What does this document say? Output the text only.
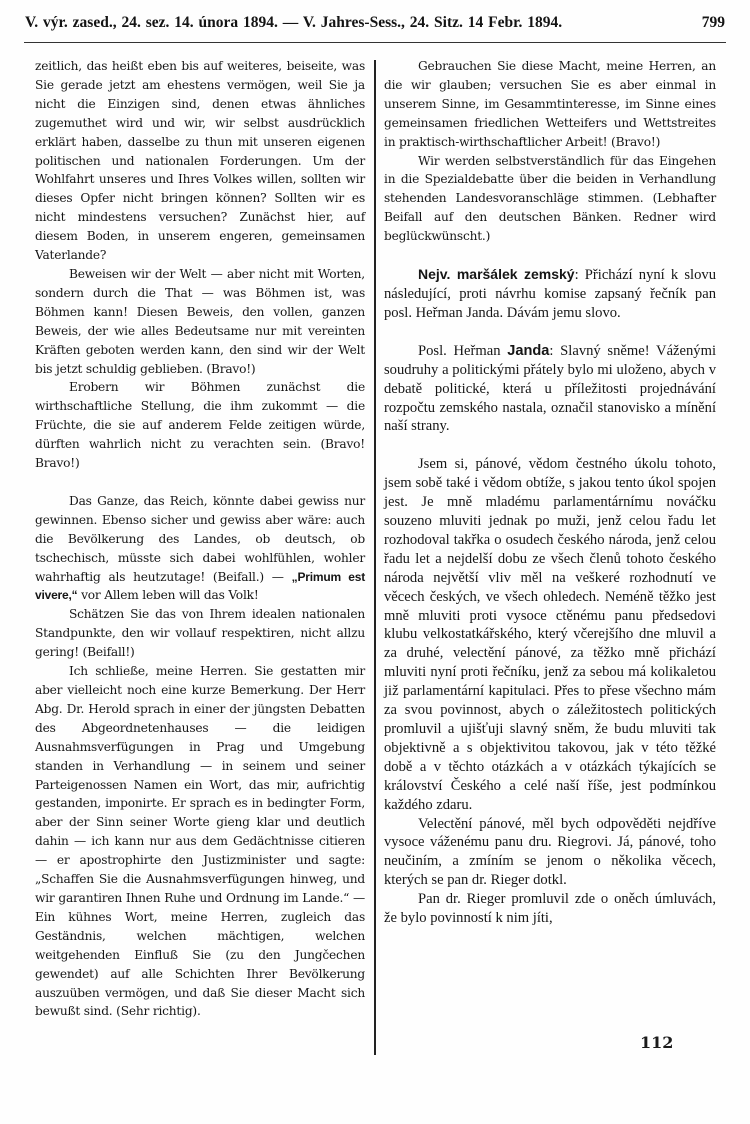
V. výr. zased., 24. sez. 14. února 1894. — V. Jahres-Sess., 24. Sitz. 14 Febr. 1894.	799

zeitlich, das heißt eben bis auf weiteres, beiseite, was Sie gerade jetzt am ehestens vermögen, weil Sie ja nicht die Einzigen sind, denen etwas ähnliches zugemuthet wird und wir, wir selbst ausdrücklich erklärt haben, dasselbe zu thun mit unseren eigenen politischen und nationalen Forderungen. Um der Wohlfahrt unseres und Ihres Volkes willen, sollten wir dieses Opfer nicht bringen können? Sollten wir es nicht mindestens versuchen? Zunächst hier, auf diesem Boden, in unserem engeren, gemeinsamen Vaterlande?

Beweisen wir der Welt — aber nicht mit Worten, sondern durch die That — was Böhmen ist, was Böhmen kann! Diesen Beweis, den vollen, ganzen Beweis, der wie alles Bedeutsame nur mit vereinten Kräften geboten werden kann, den sind wir der Welt bis jetzt schuldig geblieben. (Bravo!)

Erobern wir Böhmen zunächst die wirthschaftliche Stellung, die ihm zukommt — die Früchte, die sie auf anderem Felde zeitigen würde, dürften wahrlich nicht zu verachten sein. (Bravo! Bravo!)

Das Ganze, das Reich, könnte dabei gewiss nur gewinnen. Ebenso sicher und gewiss aber wäre: auch die Bevölkerung des Landes, ob deutsch, ob tschechisch, müsste sich dabei wohlfühlen, wohler wahrhaftig als heutzutage! (Beifall.) — „Primum est vivere,“ vor Allem leben will das Volk!

Schätzen Sie das von Ihrem idealen nationalen Standpunkte, den wir vollauf respektiren, nicht allzu gering! (Beifall!)

Ich schließe, meine Herren. Sie gestatten mir aber vielleicht noch eine kurze Bemerkung. Der Herr Abg. Dr. Herold sprach in einer der jüngsten Debatten des Abgeordnetenhauses — die leidigen Ausnahmsverfügungen in Prag und Umgebung standen in Verhandlung — in seinem und seiner Parteigenossen Namen ein Wort, das mir, aufrichtig gestanden, imponirte. Er sprach es in bedingter Form, aber der Sinn seiner Worte gieng klar und deutlich dahin — ich kann nur aus dem Gedächtnisse citieren — er apostrophirte den Justizminister und sagte: „Schaffen Sie die Ausnahmsverfügungen hinweg, und wir garantiren Ihnen Ruhe und Ordnung im Lande.“ — Ein kühnes Wort, meine Herren, zugleich das Geständnis, welchen mächtigen, welchen weitgehenden Einfluß Sie (zu den Jungčechen gewendet) auf alle Schichten Ihrer Bevölkerung auszuüben vermögen, und daß Sie dieser Macht sich bewußt sind. (Sehr richtig).

Gebrauchen Sie diese Macht, meine Herren, an die wir glauben; versuchen Sie es aber einmal in unserem Sinne, im Gesammtinteresse, im Sinne eines gemeinsamen friedlichen Wetteifers und Wettstreites in praktisch-wirthschaftlicher Arbeit! (Bravo!)

Wir werden selbstverständlich für das Eingehen in die Spezialdebatte über die beiden in Verhandlung stehenden Landesvoranschläge stimmen. (Lebhafter Beifall auf den deutschen Bänken. Redner wird beglückwünscht.)

Nejv. maršálek zemský: Přichází nyní k slovu následující, proti návrhu komise zapsaný řečník pan posl. Heřman Janda. Dávám jemu slovo.

Posl. Heřman Janda: Slavný sněme! Váženými soudruhy a politickými přátely bylo mi uloženo, abych v debatě politické, která u příležitosti projednávání rozpočtu zemského nastala, označil stanovisko a mínění naší strany.

Jsem si, pánové, vědom čestného úkolu tohoto, jsem sobě také i vědom obtíže, s jakou tento úkol spojen jest. Je mně mladému parlamentárnímu nováčku souzeno mluviti jednak po muži, jenž celou řadu let rozhodoval takřka o osudech českého národa, jenž celou řadu let a nejdelší dobu ze všech členů tohoto českého národa největší vliv měl na veškeré rozhodnutí ve věcech českých, ve všech ohledech. Neméně těžko jest mně mluviti proti vysoce ctěnému panu předsedovi klubu velkostatkářského, který včerejšího dne mluvil a za druhé, velectění pánové, za těžko mně přichází mluviti nyní proti řečníku, jenž za sebou má kolikaletou již parlamentární kapitulaci. Přes to přese všechno mám za svou povinnost, abych o záležitostech politických promluvil a ujišťuji slavný sněm, že budu mluviti tak objektivně a s objektivitou takovou, jak v této těžké době a v těchto otázkách a v otázkách týkajících se království Českého a celé naší říše, jest podmínkou každého zdaru.

Velectění pánové, měl bych odpověděti nejdříve vysoce váženému panu dru. Riegrovi. Já, pánové, toho neučiním, a zmíním se jenom o několika věcech, kterých se pan dr. Rieger dotkl.

Pan dr. Rieger promluvil zde o oněch úmluvách, že bylo povinností k nim jíti,

112
